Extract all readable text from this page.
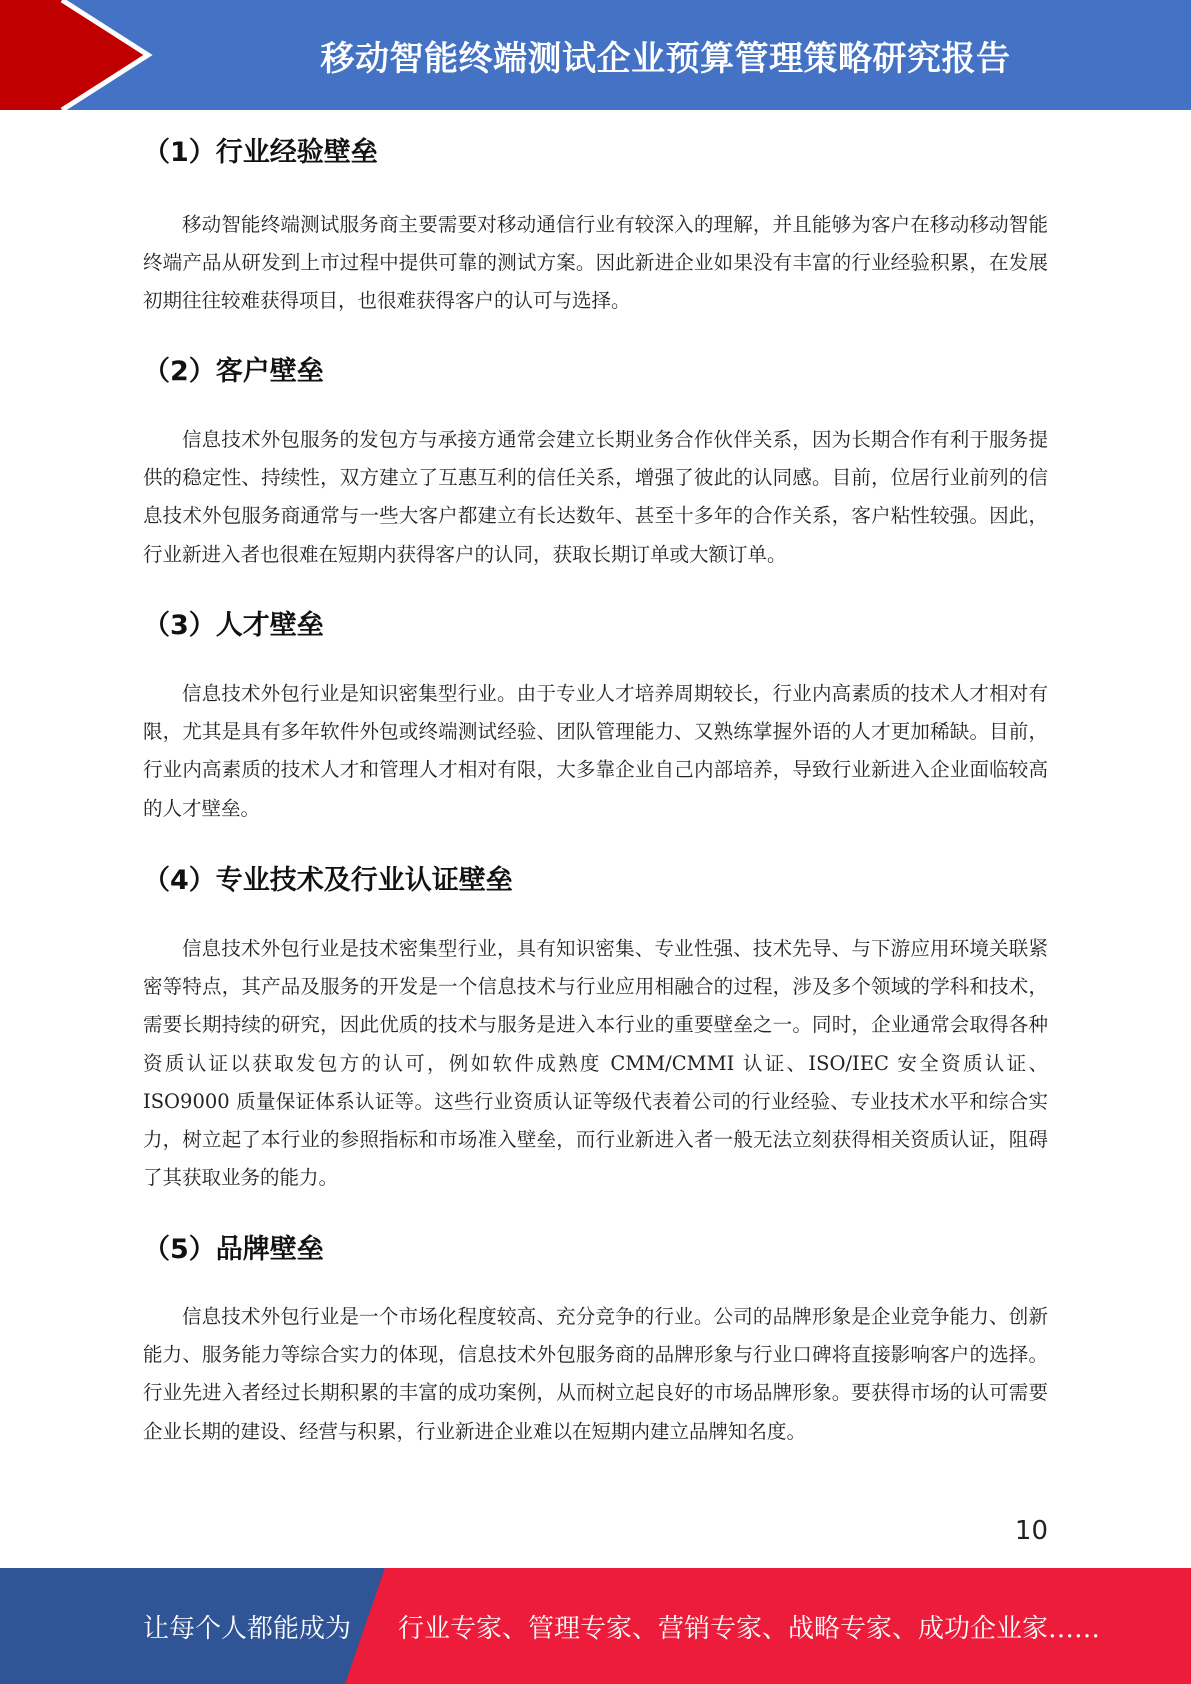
移动智能终端测试企业预算管理策略研究报告
（1）行业经验壁垒
移动智能终端测试服务商主要需要对移动通信行业有较深入的理解，并且能够为客户在移动移动智能终端产品从研发到上市过程中提供可靠的测试方案。因此新进企业如果没有丰富的行业经验积累，在发展初期往往较难获得项目，也很难获得客户的认可与选择。
（2）客户壁垒
信息技术外包服务的发包方与承接方通常会建立长期业务合作伙伴关系，因为长期合作有利于服务提供的稳定性、持续性，双方建立了互惠互利的信任关系，增强了彼此的认同感。目前，位居行业前列的信息技术外包服务商通常与一些大客户都建立有长达数年、甚至十多年的合作关系，客户粘性较强。因此，行业新进入者也很难在短期内获得客户的认同，获取长期订单或大额订单。
（3）人才壁垒
信息技术外包行业是知识密集型行业。由于专业人才培养周期较长，行业内高素质的技术人才相对有限，尤其是具有多年软件外包或终端测试经验、团队管理能力、又熟练掌握外语的人才更加稀缺。目前，行业内高素质的技术人才和管理人才相对有限，大多靠企业自己内部培养，导致行业新进入企业面临较高的人才壁垒。
（4）专业技术及行业认证壁垒
信息技术外包行业是技术密集型行业，具有知识密集、专业性强、技术先导、与下游应用环境关联紧密等特点，其产品及服务的开发是一个信息技术与行业应用相融合的过程，涉及多个领域的学科和技术，需要长期持续的研究，因此优质的技术与服务是进入本行业的重要壁垒之一。同时，企业通常会取得各种资质认证以获取发包方的认可，例如软件成熟度 CMM/CMMI 认证、ISO/IEC 安全资质认证、ISO9000 质量保证体系认证等。这些行业资质认证等级代表着公司的行业经验、专业技术水平和综合实力，树立起了本行业的参照指标和市场准入壁垒，而行业新进入者一般无法立刻获得相关资质认证，阻碍了其获取业务的能力。
（5）品牌壁垒
信息技术外包行业是一个市场化程度较高、充分竞争的行业。公司的品牌形象是企业竞争能力、创新能力、服务能力等综合实力的体现，信息技术外包服务商的品牌形象与行业口碑将直接影响客户的选择。行业先进入者经过长期积累的丰富的成功案例，从而树立起良好的市场品牌形象。要获得市场的认可需要企业长期的建设、经营与积累，行业新进企业难以在短期内建立品牌知名度。
10
让每个人都能成为 行业专家、管理专家、营销专家、战略专家、成功企业家……
